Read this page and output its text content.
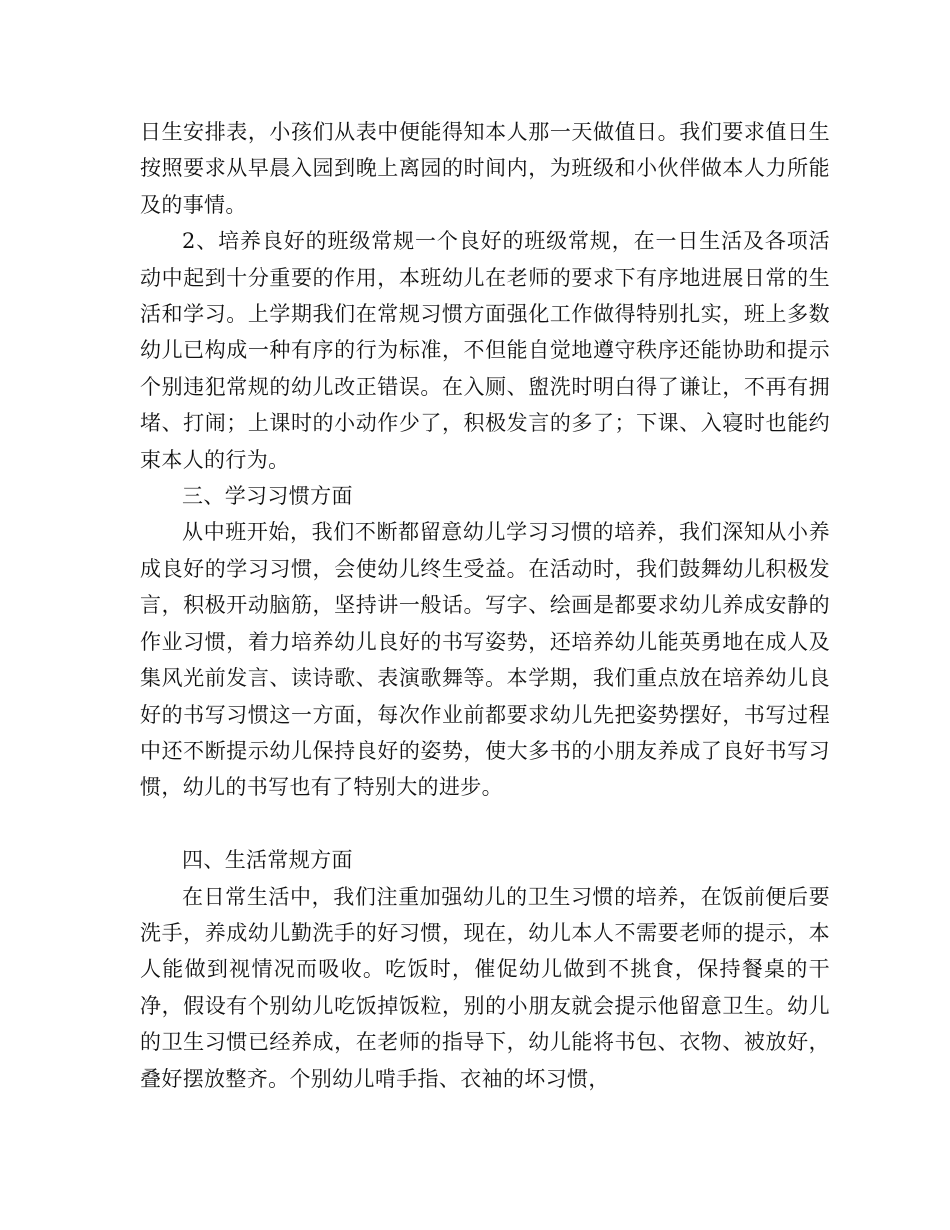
日生安排表，小孩们从表中便能得知本人那一天做值日。我们要求值日生按照要求从早晨入园到晚上离园的时间内，为班级和小伙伴做本人力所能及的事情。

2、培养良好的班级常规一个良好的班级常规，在一日生活及各项活动中起到十分重要的作用，本班幼儿在老师的要求下有序地进展日常的生活和学习。上学期我们在常规习惯方面强化工作做得特别扎实，班上多数幼儿已构成一种有序的行为标准，不但能自觉地遵守秩序还能协助和提示个别违犯常规的幼儿改正错误。在入厕、盥洗时明白得了谦让，不再有拥堵、打闹；上课时的小动作少了，积极发言的多了；下课、入寝时也能约束本人的行为。

三、学习习惯方面

从中班开始，我们不断都留意幼儿学习习惯的培养，我们深知从小养成良好的学习习惯，会使幼儿终生受益。在活动时，我们鼓舞幼儿积极发言，积极开动脑筋，坚持讲一般话。写字、绘画是都要求幼儿养成安静的作业习惯，着力培养幼儿良好的书写姿势，还培养幼儿能英勇地在成人及集风光前发言、读诗歌、表演歌舞等。本学期，我们重点放在培养幼儿良好的书写习惯这一方面，每次作业前都要求幼儿先把姿势摆好，书写过程中还不断提示幼儿保持良好的姿势，使大多书的小朋友养成了良好书写习惯，幼儿的书写也有了特别大的进步。

四、生活常规方面

在日常生活中，我们注重加强幼儿的卫生习惯的培养，在饭前便后要洗手，养成幼儿勤洗手的好习惯，现在，幼儿本人不需要老师的提示，本人能做到视情况而吸收。吃饭时，催促幼儿做到不挑食，保持餐桌的干净，假设有个别幼儿吃饭掉饭粒，别的小朋友就会提示他留意卫生。幼儿的卫生习惯已经养成，在老师的指导下，幼儿能将书包、衣物、被放好，叠好摆放整齐。个别幼儿啃手指、衣袖的坏习惯，
